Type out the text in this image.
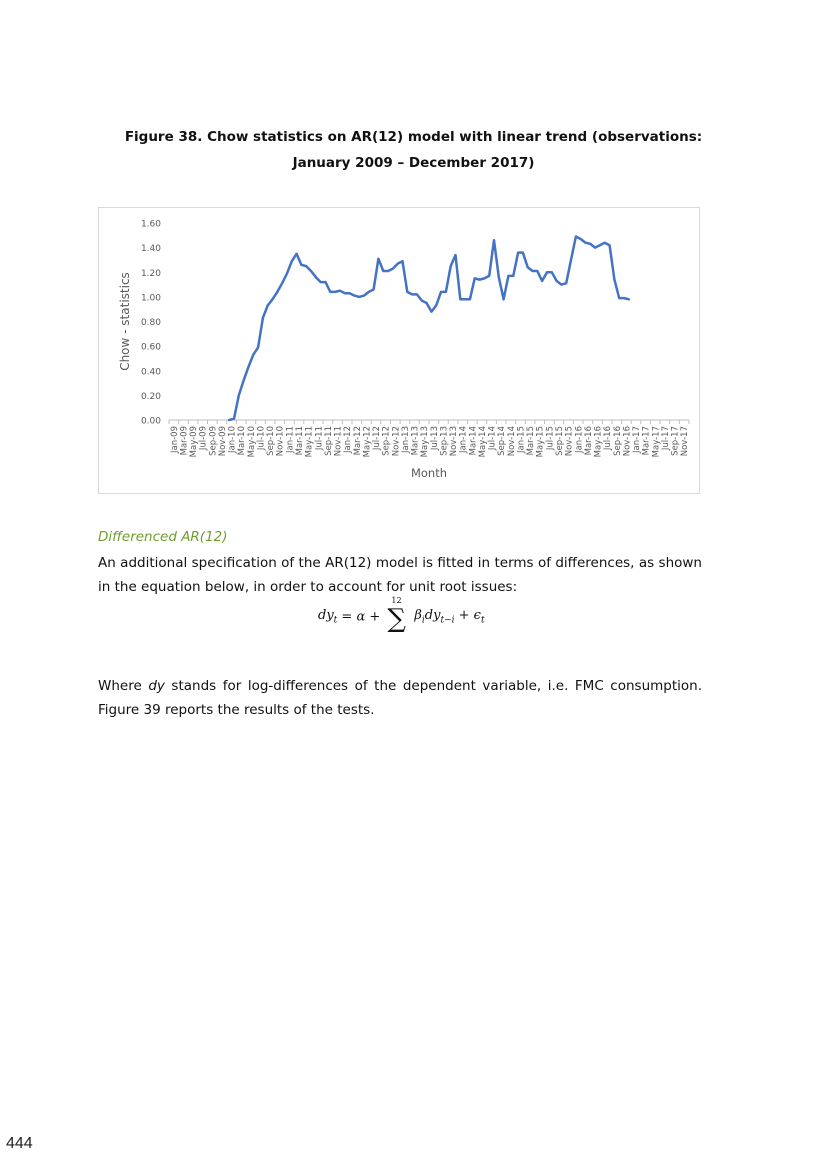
Figure 38. Chow statistics on AR(12) model with linear trend (observations:
January 2009 – December 2017)
0.00
0.20
0.40
0.60
0.80
1.00
1.20
1.40
1.60
Jan-09 Mar-09 May-09 Jul-09 Sep-09 Nov-09 Jan-10 Mar-10 May-10 Jul-10 Sep-10 Nov-10 Jan-11 Mar-11 May-11 Jul-11 Sep-11 Nov-11 Jan-12 Mar-12 May-12 Jul-12 Sep-12 Nov-12 Jan-13 Mar-13 May-13 Jul-13 Sep-13 Nov-13 Jan-14 Mar-14 May-14 Jul-14 Sep-14 Nov-14 Jan-15 Mar-15 May-15 Jul-15 Sep-15 Nov-15 Jan-16 Mar-16 May-16 Jul-16 Sep-16 Nov-16 Jan-17 Mar-17 May-17 Jul-17 Sep-17 Nov-17
Month
Chow - statistics
Differenced AR(12)
An additional specification of the AR(12) model is fitted in terms of differences, as shown in the equation below, in order to account for unit root issues:
$dy_t = \alpha$ +
12
∑ $\beta_idy_{t-i} + \epsilon_t$
Where dy stands for log-differences of the dependent variable, i.e. FMC consumption. Figure 39 reports the results of the tests.
444
